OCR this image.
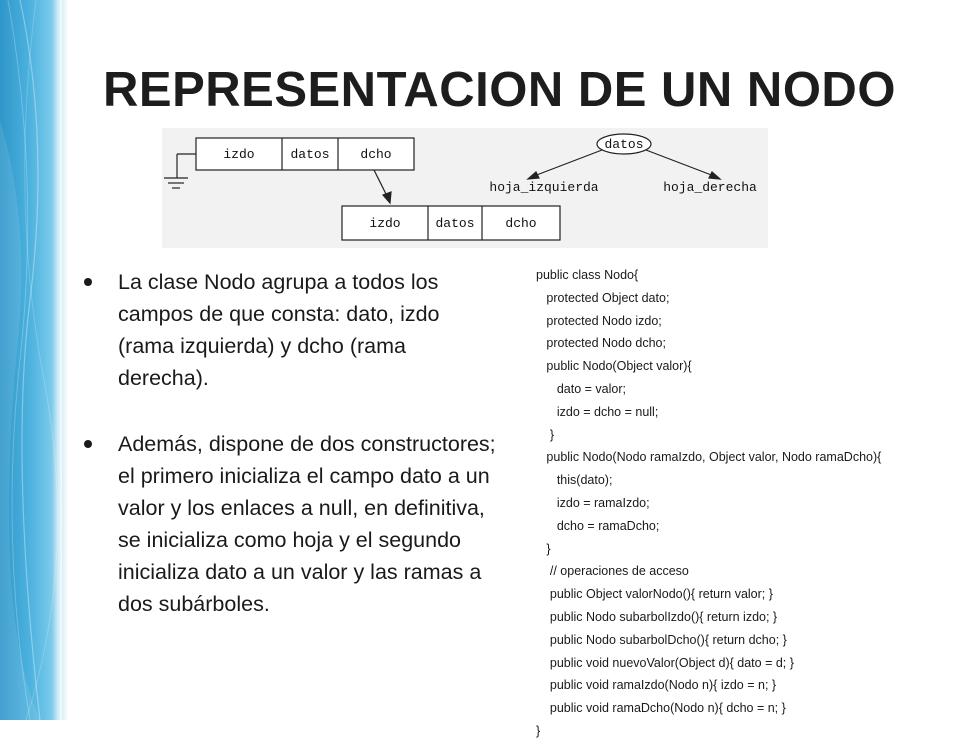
REPRESENTACION DE UN NODO
izdo	datos dcho
izdo	datos dcho
datos
hoja_izquierda	hoja_derecha
La clase Nodo agrupa a todos los campos de que consta: dato, izdo (rama izquierda) y dcho (rama derecha).
Además, dispone de dos constructores; el primero inicializa el campo dato a un valor y los enlaces a null, en definitiva, se inicializa como hoja y el segundo inicializa dato a un valor y las ramas a dos subárboles.
public class Nodo{
protected Object dato;
protected Nodo izdo;
protected Nodo dcho;
public Nodo(Object valor){
dato = valor;
izdo = dcho = null;
}
public Nodo(Nodo ramaIzdo, Object valor, Nodo ramaDcho){
this(dato);
izdo = ramaIzdo;
dcho = ramaDcho;
}
// operaciones de acceso
public Object valorNodo(){ return valor; }
public Nodo subarbolIzdo(){ return izdo; }
public Nodo subarbolDcho(){ return dcho; }
public void nuevoValor(Object d){ dato = d; }
public void ramaIzdo(Nodo n){ izdo = n; }
public void ramaDcho(Nodo n){ dcho = n; }
}
